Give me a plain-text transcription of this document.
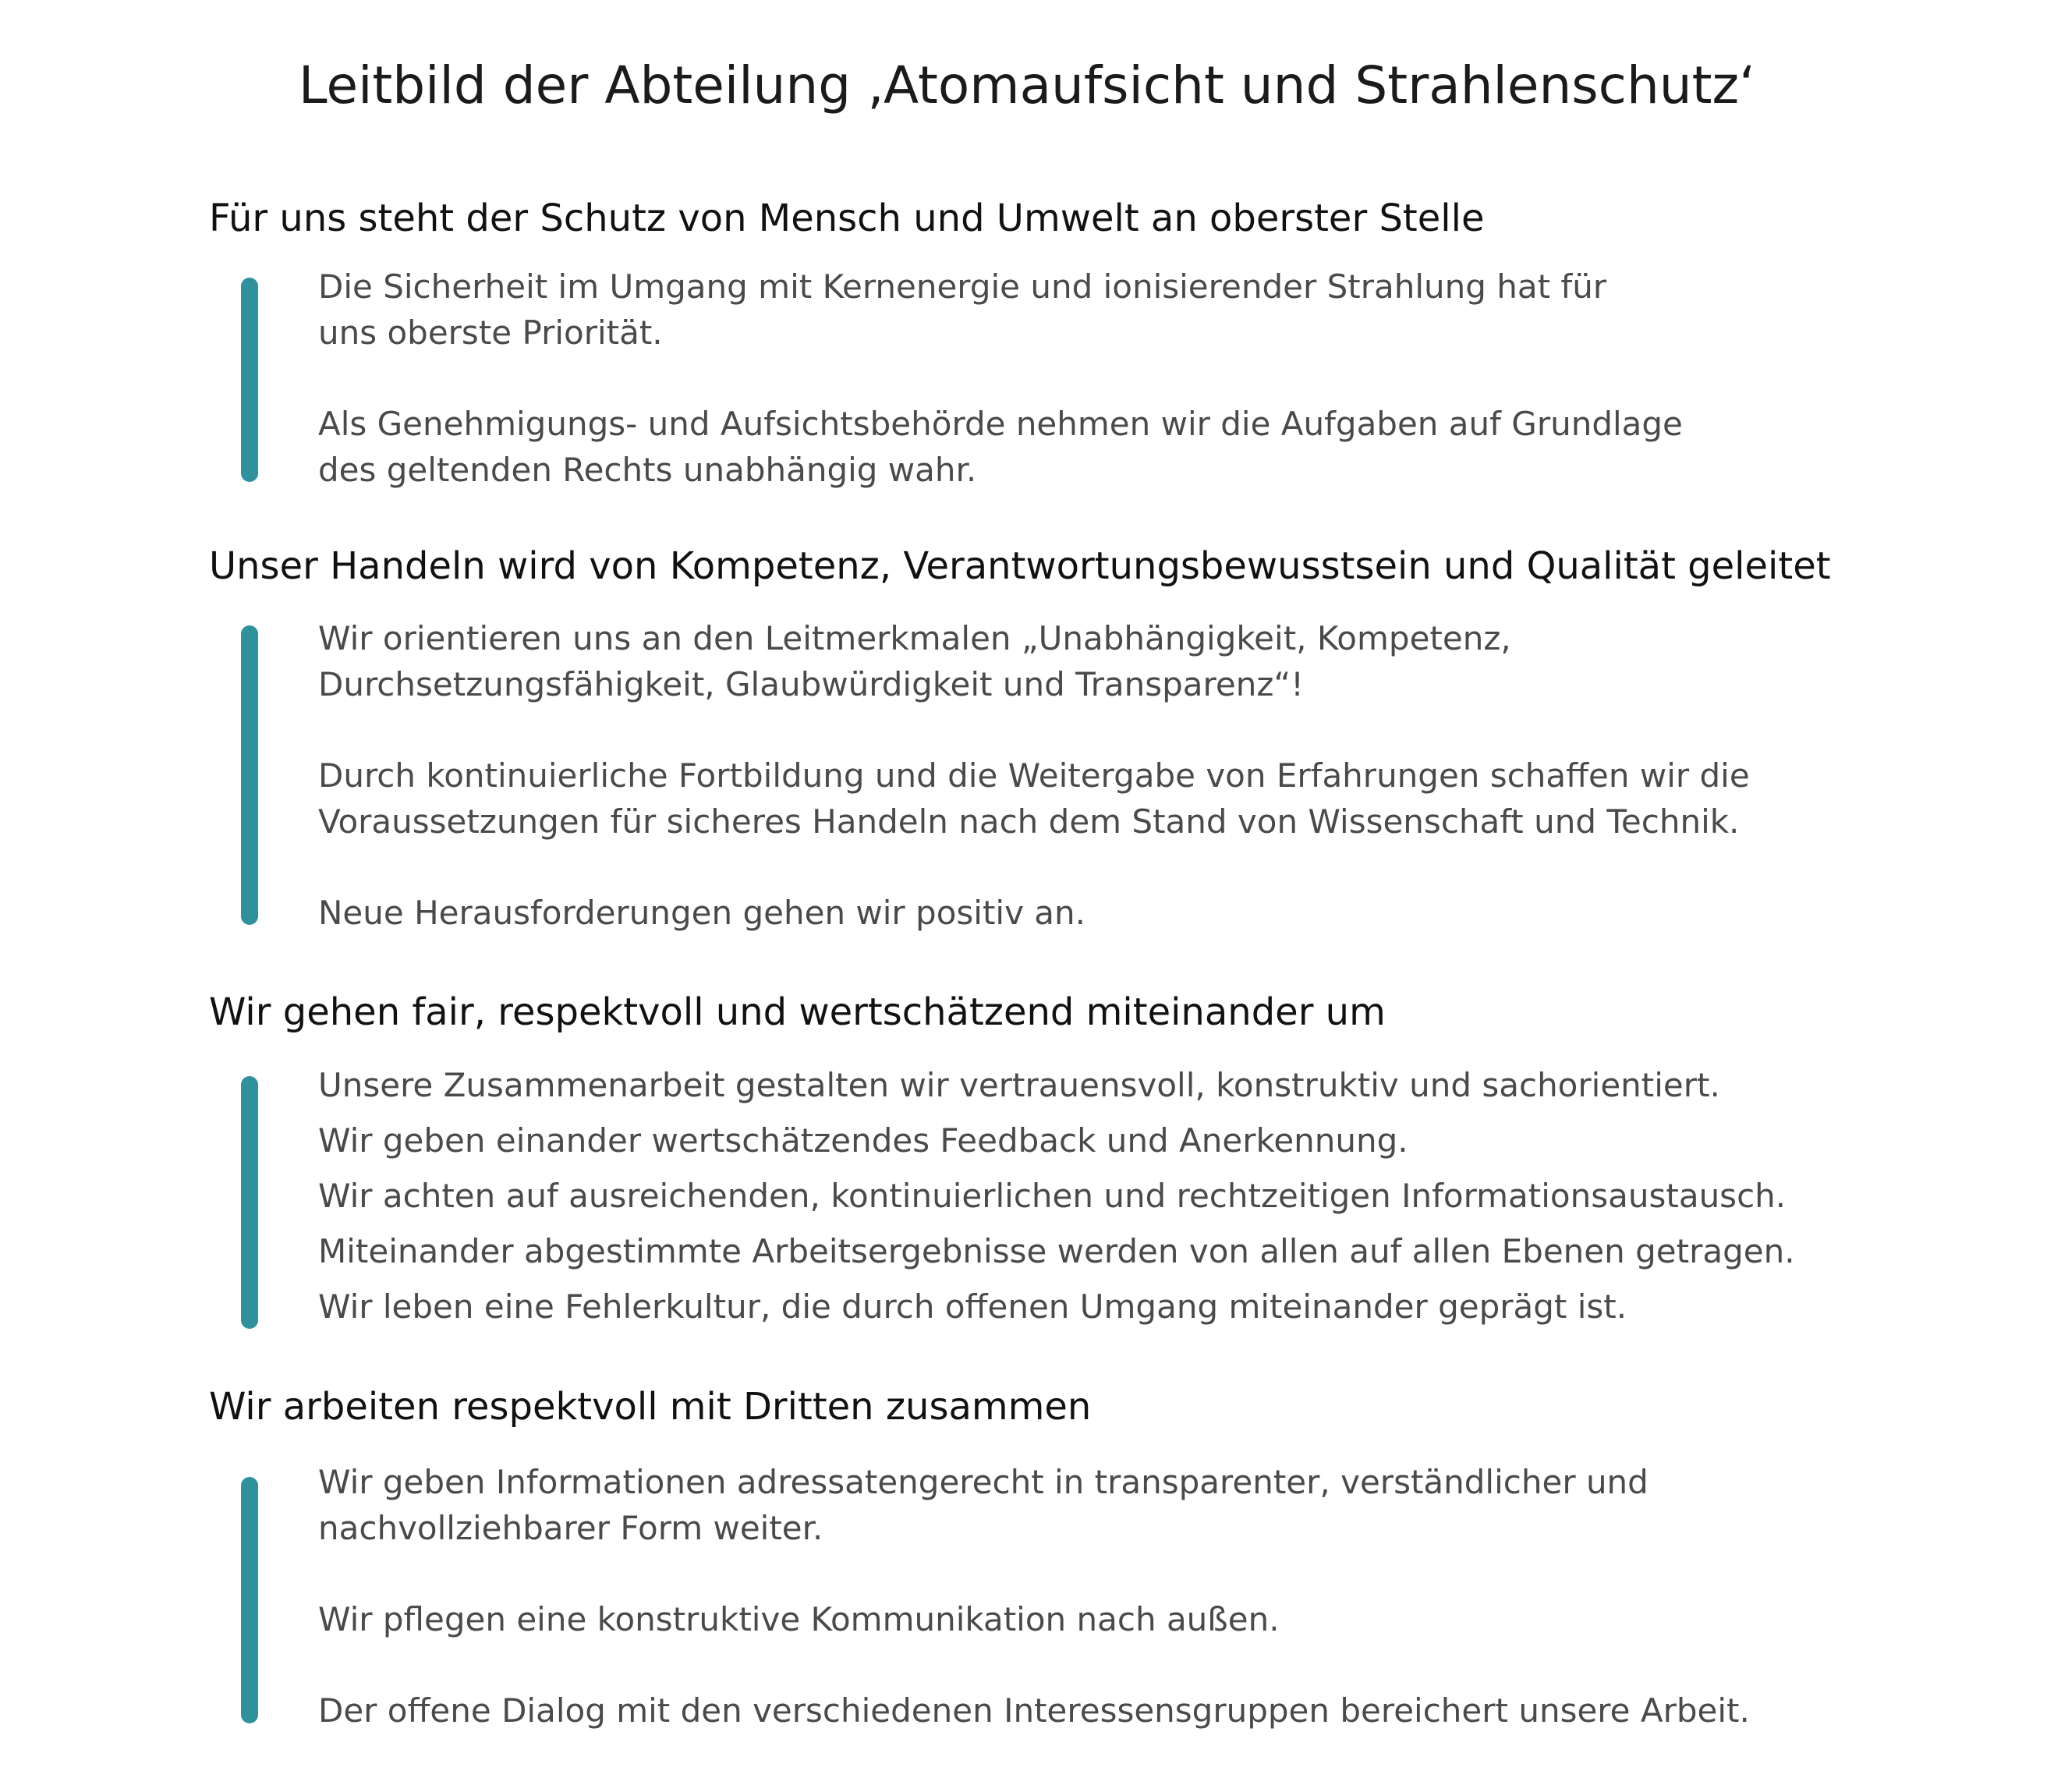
Leitbild der Abteilung ‚Atomaufsicht und Strahlenschutz‘
Für uns steht der Schutz von Mensch und Umwelt an oberster Stelle

Die Sicherheit im Umgang mit Kernenergie und ionisierender Strahlung hat für
uns oberste Priorität.

Als Genehmigungs- und Aufsichtsbehörde nehmen wir die Aufgaben auf Grundlage
des geltenden Rechts unabhängig wahr.

Unser Handeln wird von Kompetenz, Verantwortungsbewusstsein und Qualität geleitet

Wir orientieren uns an den Leitmerkmalen „Unabhängigkeit, Kompetenz,
Durchsetzungsfähigkeit, Glaubwürdigkeit und Transparenz“!

Durch kontinuierliche Fortbildung und die Weitergabe von Erfahrungen schaffen wir die
Voraussetzungen für sicheres Handeln nach dem Stand von Wissenschaft und Technik.

Neue Herausforderungen gehen wir positiv an.

Wir gehen fair, respektvoll und wertschätzend miteinander um

Unsere Zusammenarbeit gestalten wir vertrauensvoll, konstruktiv und sachorientiert.

Wir geben einander wertschätzendes Feedback und Anerkennung.

Wir achten auf ausreichenden, kontinuierlichen und rechtzeitigen Informationsaustausch.

Miteinander abgestimmte Arbeitsergebnisse werden von allen auf allen Ebenen getragen.

Wir leben eine Fehlerkultur, die durch offenen Umgang miteinander geprägt ist.

Wir arbeiten respektvoll mit Dritten zusammen

Wir geben Informationen adressatengerecht in transparenter, verständlicher und
nachvollziehbarer Form weiter.

Wir pflegen eine konstruktive Kommunikation nach außen.

Der offene Dialog mit den verschiedenen Interessensgruppen bereichert unsere Arbeit.
